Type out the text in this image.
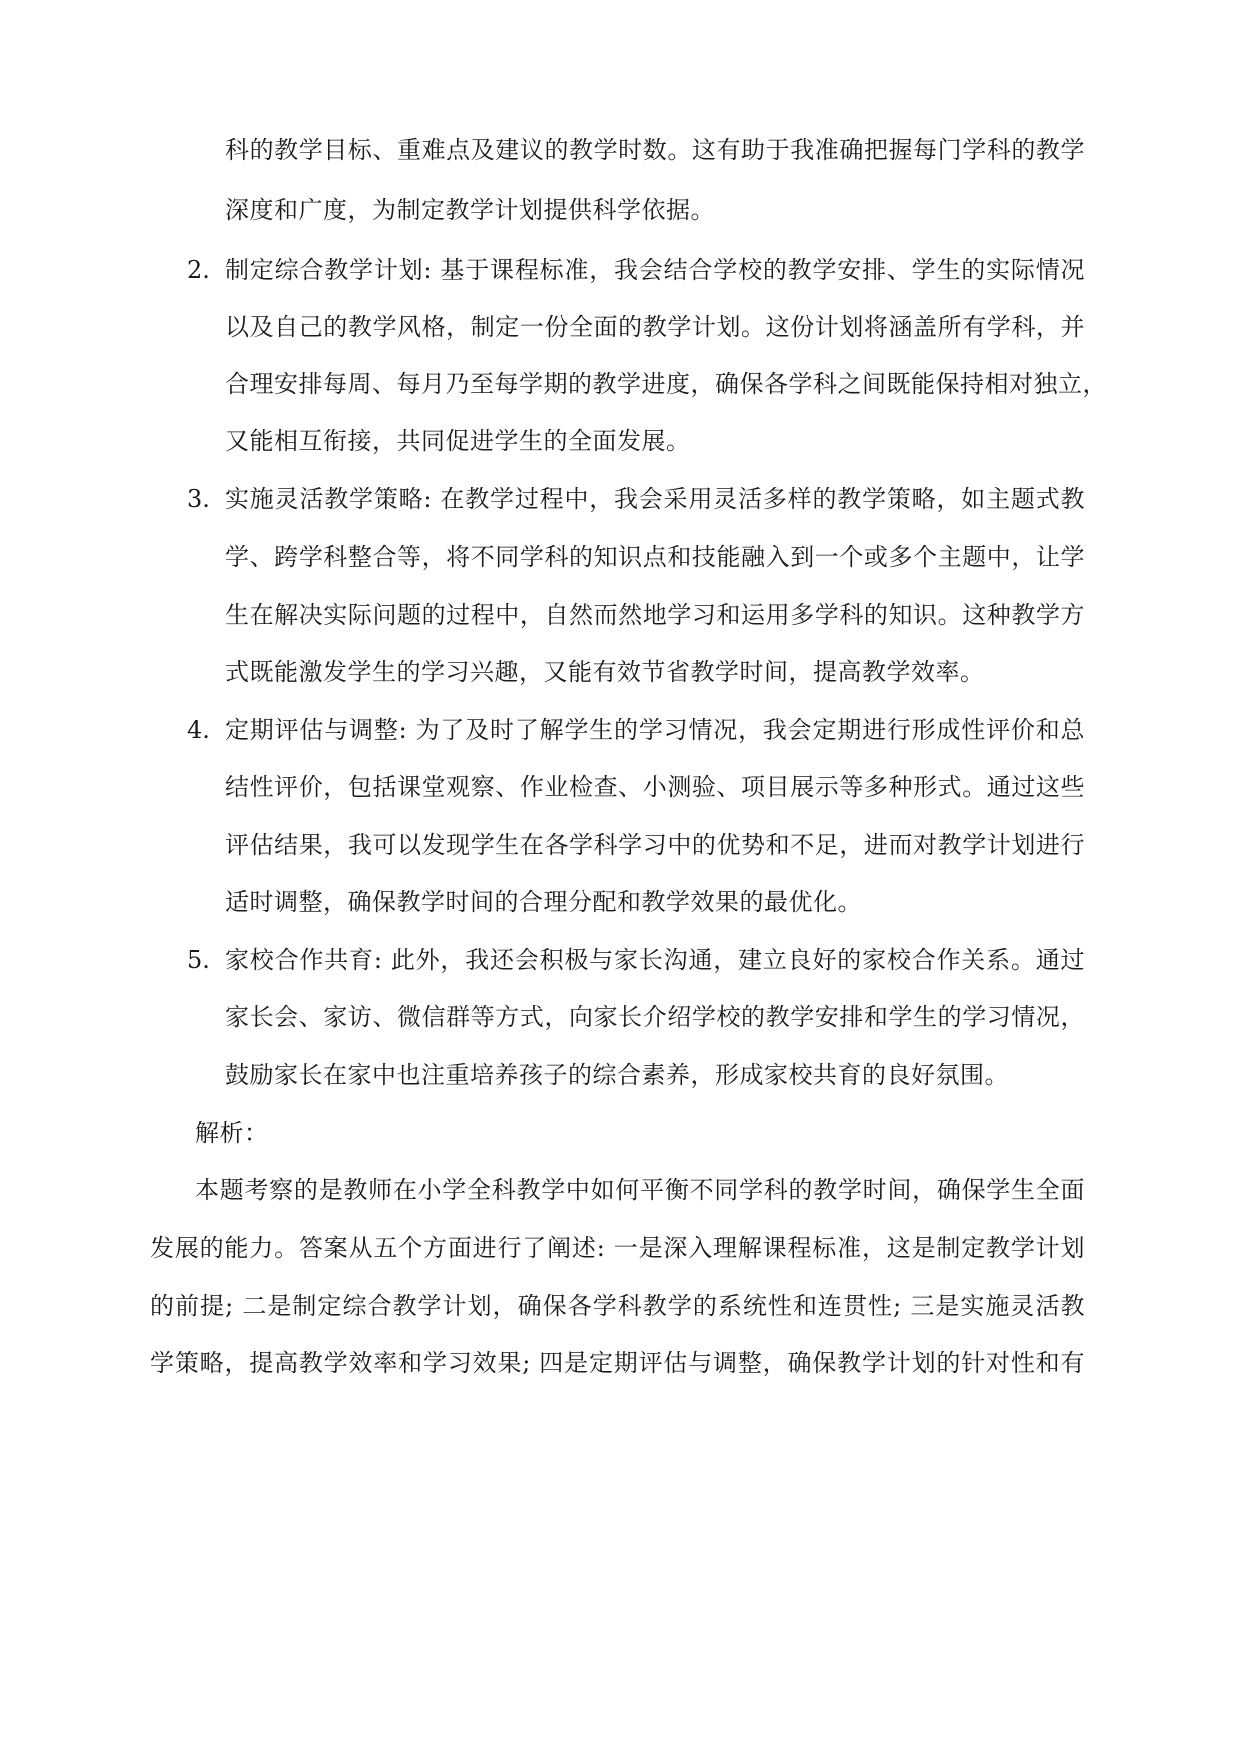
科的教学目标、重难点及建议的教学时数。这有助于我准确把握每门学科的教学
深度和广度，为制定教学计划提供科学依据。
2. 制定综合教学计划: 基于课程标准，我会结合学校的教学安排、学生的实际情况
以及自己的教学风格，制定一份全面的教学计划。这份计划将涵盖所有学科，并
合理安排每周、每月乃至每学期的教学进度，确保各学科之间既能保持相对独立，
又能相互衔接，共同促进学生的全面发展。
3. 实施灵活教学策略: 在教学过程中，我会采用灵活多样的教学策略，如主题式教
学、跨学科整合等，将不同学科的知识点和技能融入到一个或多个主题中，让学
生在解决实际问题的过程中，自然而然地学习和运用多学科的知识。这种教学方
式既能激发学生的学习兴趣，又能有效节省教学时间，提高教学效率。
4. 定期评估与调整: 为了及时了解学生的学习情况，我会定期进行形成性评价和总
结性评价，包括课堂观察、作业检查、小测验、项目展示等多种形式。通过这些
评估结果，我可以发现学生在各学科学习中的优势和不足，进而对教学计划进行
适时调整，确保教学时间的合理分配和教学效果的最优化。
5. 家校合作共育: 此外，我还会积极与家长沟通，建立良好的家校合作关系。通过
家长会、家访、微信群等方式，向家长介绍学校的教学安排和学生的学习情况，
鼓励家长在家中也注重培养孩子的综合素养，形成家校共育的良好氛围。
解析：
本题考察的是教师在小学全科教学中如何平衡不同学科的教学时间，确保学生全面
发展的能力。答案从五个方面进行了阐述: 一是深入理解课程标准，这是制定教学计划
的前提; 二是制定综合教学计划，确保各学科教学的系统性和连贯性; 三是实施灵活教
学策略，提高教学效率和学习效果; 四是定期评估与调整，确保教学计划的针对性和有
